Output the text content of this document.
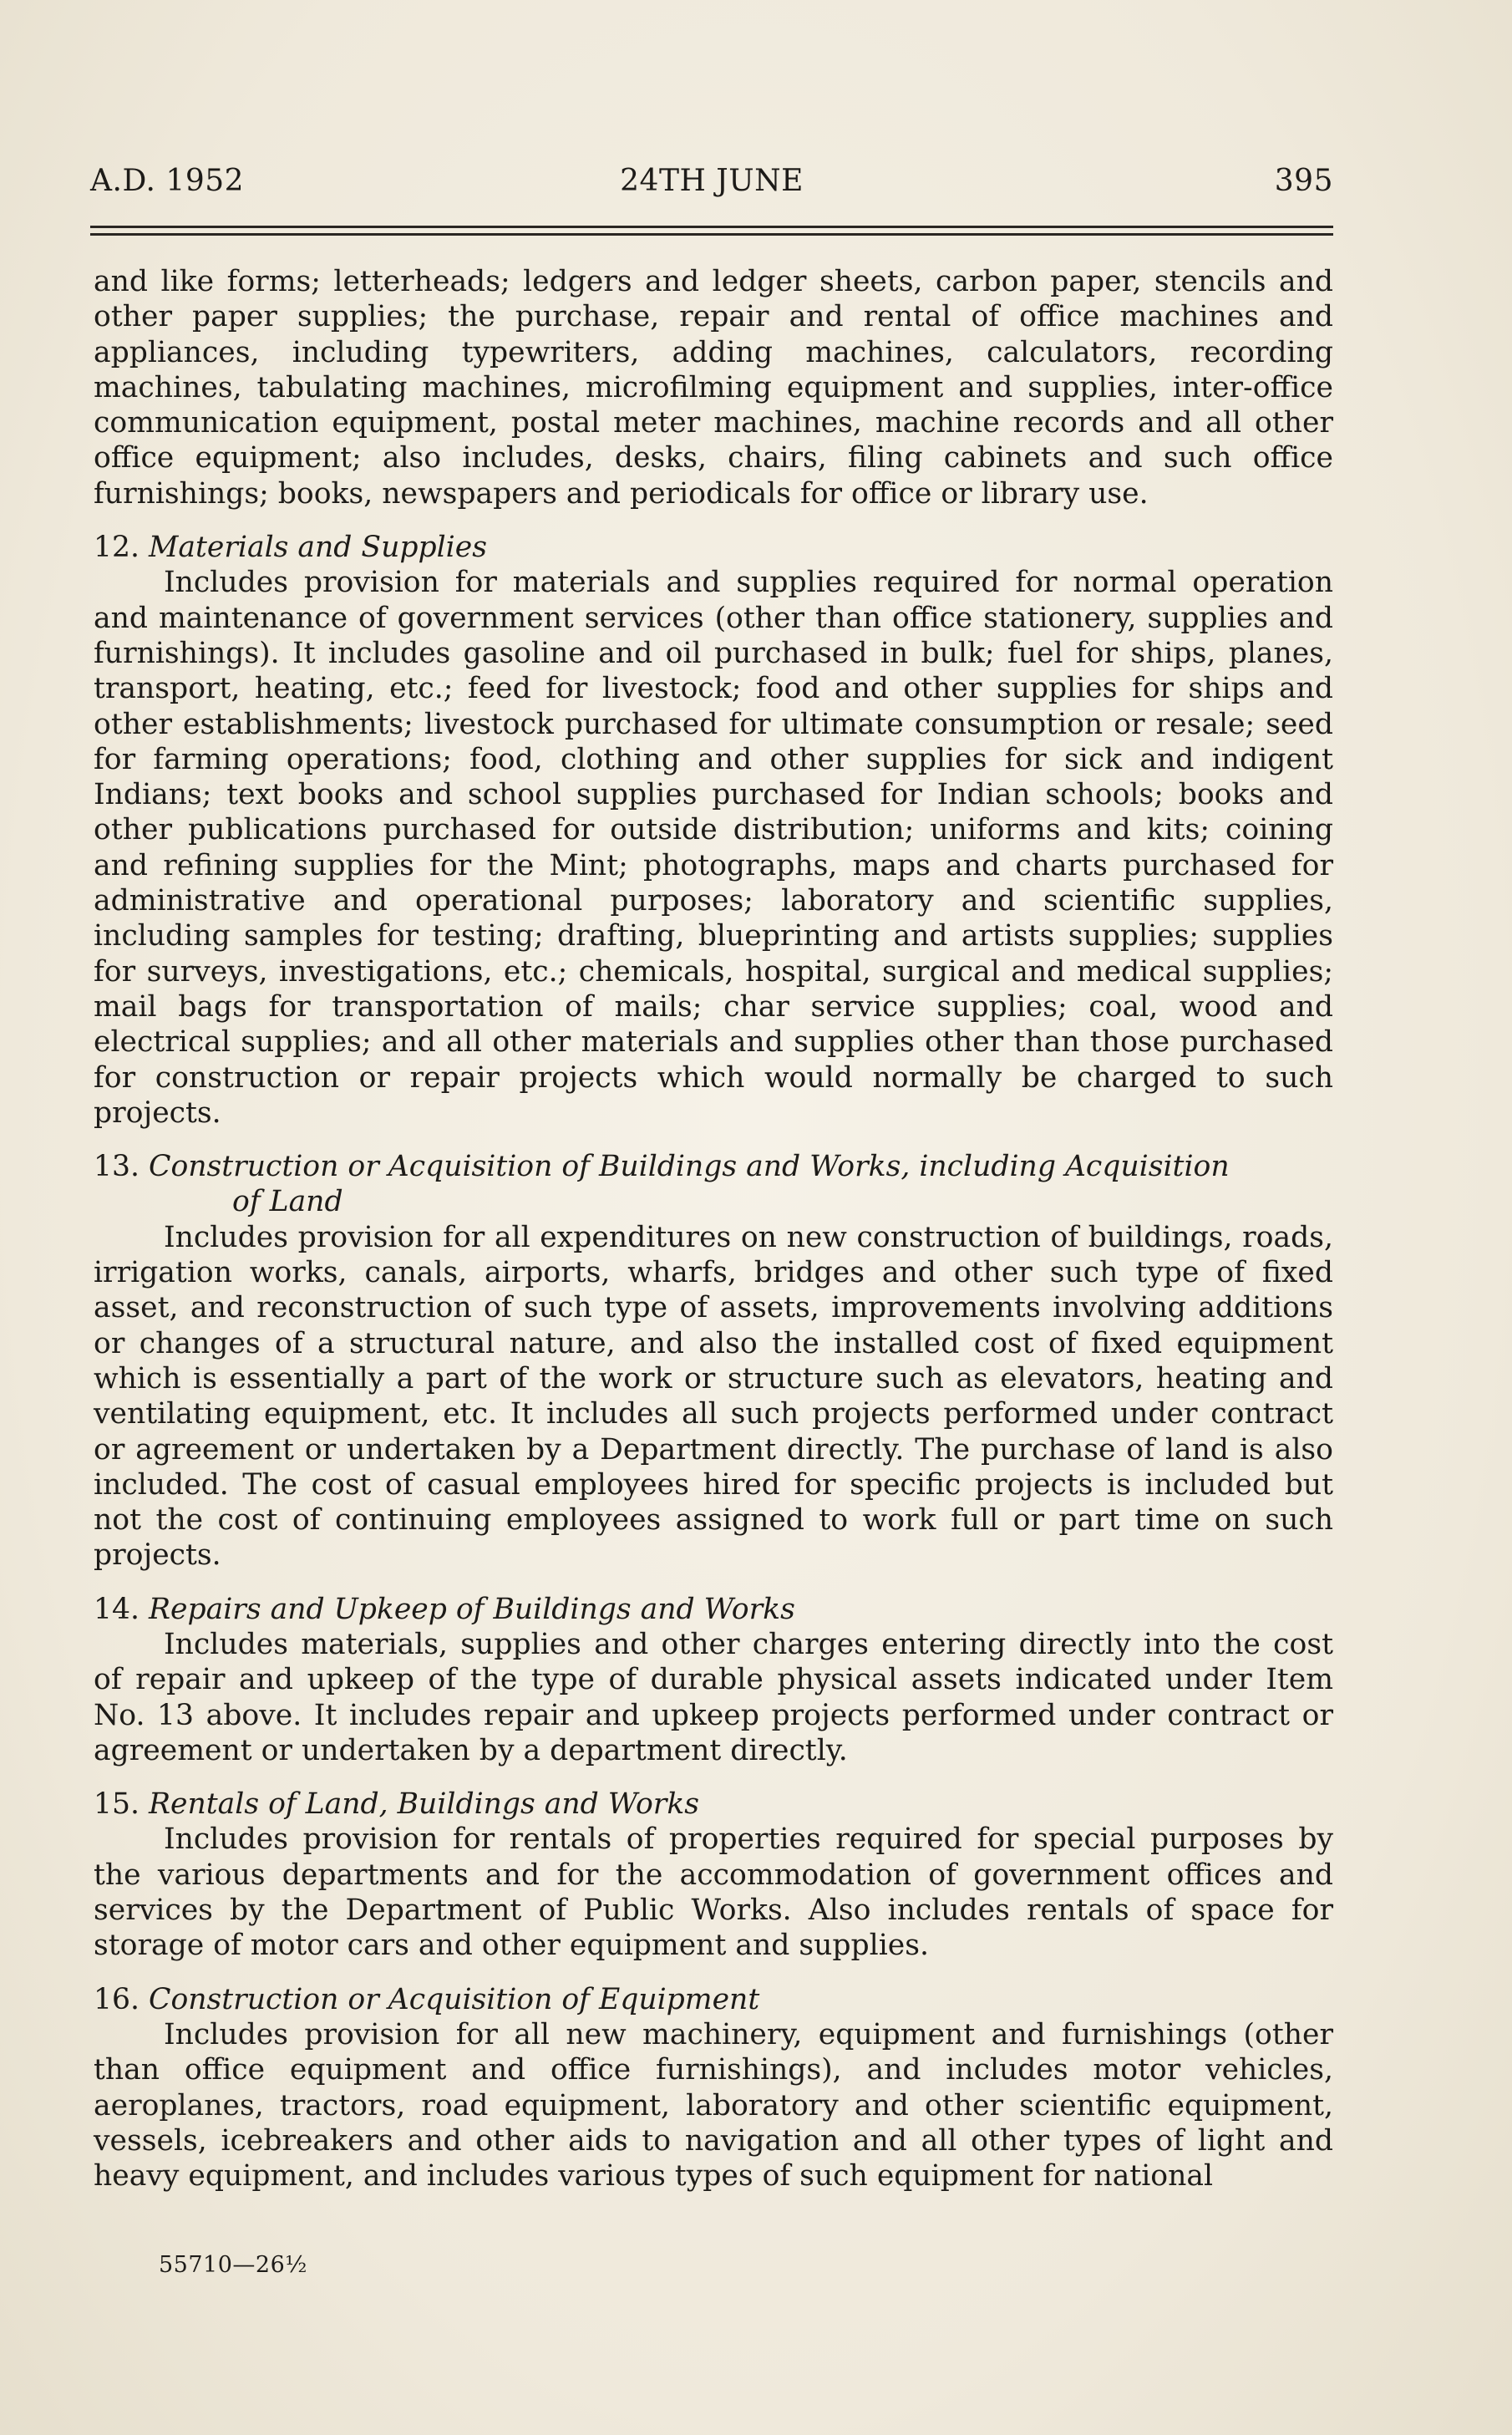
A.D. 1952	24TH JUNE	395

and like forms; letterheads; ledgers and ledger sheets, carbon paper, stencils and other paper supplies; the purchase, repair and rental of office machines and appliances, including typewriters, adding machines, calculators, recording machines, tabulating machines, microfilming equipment and supplies, inter-office communication equipment, postal meter machines, machine records and all other office equipment; also includes, desks, chairs, filing cabinets and such office furnishings; books, newspapers and periodicals for office or library use.

12. Materials and Supplies

Includes provision for materials and supplies required for normal operation and maintenance of government services (other than office stationery, supplies and furnishings). It includes gasoline and oil purchased in bulk; fuel for ships, planes, transport, heating, etc.; feed for livestock; food and other supplies for ships and other establishments; livestock purchased for ultimate consumption or resale; seed for farming operations; food, clothing and other supplies for sick and indigent Indians; text books and school supplies purchased for Indian schools; books and other publications purchased for outside distribution; uniforms and kits; coining and refining supplies for the Mint; photographs, maps and charts purchased for administrative and operational purposes; laboratory and scientific supplies, including samples for testing; drafting, blueprinting and artists supplies; supplies for surveys, investigations, etc.; chemicals, hospital, surgical and medical supplies; mail bags for transportation of mails; char service supplies; coal, wood and electrical supplies; and all other materials and supplies other than those purchased for construction or repair projects which would normally be charged to such projects.

13. Construction or Acquisition of Buildings and Works, including Acquisition

of Land

Includes provision for all expenditures on new construction of buildings, roads, irrigation works, canals, airports, wharfs, bridges and other such type of fixed asset, and reconstruction of such type of assets, improvements involving additions or changes of a structural nature, and also the installed cost of fixed equipment which is essentially a part of the work or structure such as elevators, heating and ventilating equipment, etc. It includes all such projects performed under contract or agreement or undertaken by a Department directly. The purchase of land is also included. The cost of casual employees hired for specific projects is included but not the cost of continuing employees assigned to work full or part time on such projects.

14. Repairs and Upkeep of Buildings and Works

Includes materials, supplies and other charges entering directly into the cost of repair and upkeep of the type of durable physical assets indicated under Item No. 13 above. It includes repair and upkeep projects performed under contract or agreement or undertaken by a department directly.

15. Rentals of Land, Buildings and Works

Includes provision for rentals of properties required for special purposes by the various departments and for the accommodation of government offices and services by the Department of Public Works. Also includes rentals of space for storage of motor cars and other equipment and supplies.

16. Construction or Acquisition of Equipment

Includes provision for all new machinery, equipment and furnishings (other than office equipment and office furnishings), and includes motor vehicles, aeroplanes, tractors, road equipment, laboratory and other scientific equipment, vessels, icebreakers and other aids to navigation and all other types of light and heavy equipment, and includes various types of such equipment for national

55710—26½
